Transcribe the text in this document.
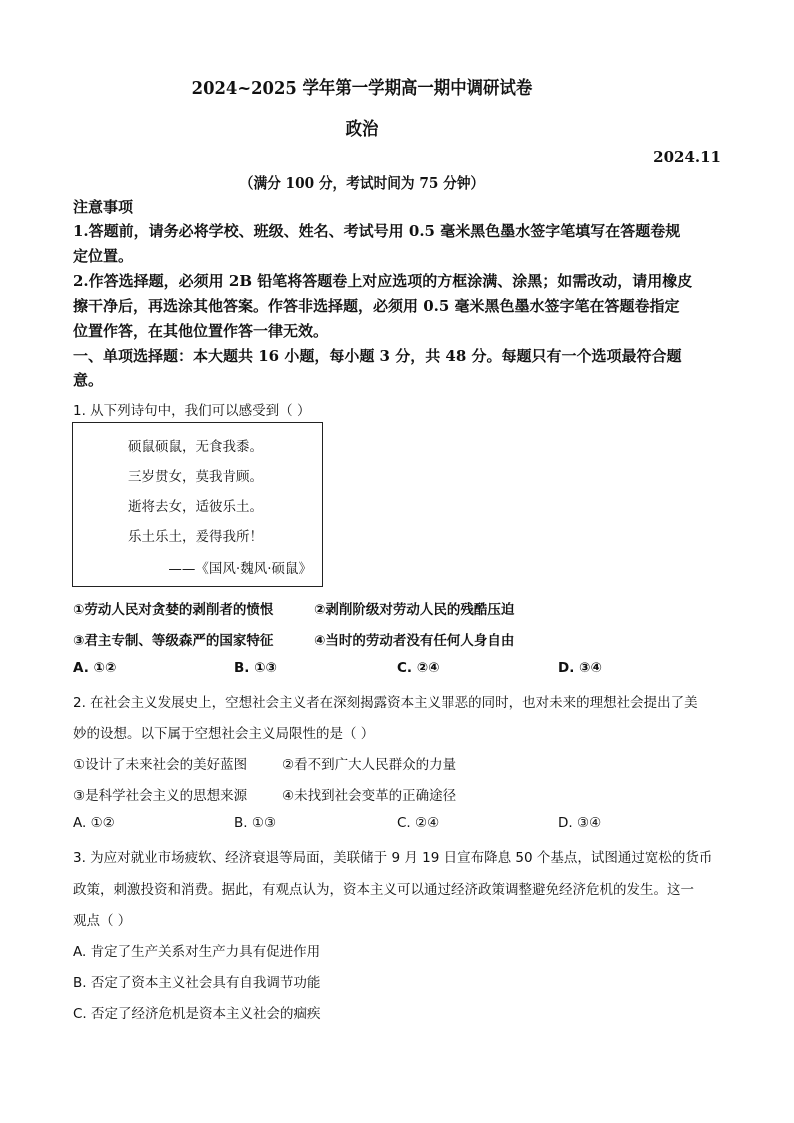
2024~2025 学年第一学期高一期中调研试卷
政治
2024.11
（满分 100 分，考试时间为 75 分钟）
注意事项
1.答题前，请务必将学校、班级、姓名、考试号用 0.5 毫米黑色墨水签字笔填写在答题卷规
定位置。
2.作答选择题，必须用 2B 铅笔将答题卷上对应选项的方框涂满、涂黑；如需改动，请用橡皮
擦干净后，再选涂其他答案。作答非选择题，必须用 0.5 毫米黑色墨水签字笔在答题卷指定
位置作答，在其他位置作答一律无效。
一、单项选择题：本大题共 16 小题，每小题 3 分，共 48 分。每题只有一个选项最符合题
意。
1. 从下列诗句中，我们可以感受到（ ）
硕鼠硕鼠，无食我黍。
三岁贯女，莫我肯顾。
逝将去女，适彼乐土。
乐土乐土，爰得我所！
——《国风·魏风·硕鼠》
①劳动人民对贪婪的剥削者的愤恨	②剥削阶级对劳动人民的残酷压迫
③君主专制、等级森严的国家特征	④当时的劳动者没有任何人身自由
A. ①②	B. ①③	C. ②④	D. ③④
2. 在社会主义发展史上，空想社会主义者在深刻揭露资本主义罪恶的同时，也对未来的理想社会提出了美
妙的设想。以下属于空想社会主义局限性的是（ ）
①设计了未来社会的美好蓝图	②看不到广大人民群众的力量
③是科学社会主义的思想来源	④未找到社会变革的正确途径
A. ①②	B. ①③	C. ②④	D. ③④
3. 为应对就业市场疲软、经济衰退等局面，美联储于 9 月 19 日宣布降息 50 个基点，试图通过宽松的货币
政策，刺激投资和消费。据此，有观点认为，资本主义可以通过经济政策调整避免经济危机的发生。这一
观点（ ）
A. 肯定了生产关系对生产力具有促进作用
B. 否定了资本主义社会具有自我调节功能
C. 否定了经济危机是资本主义社会的痼疾
